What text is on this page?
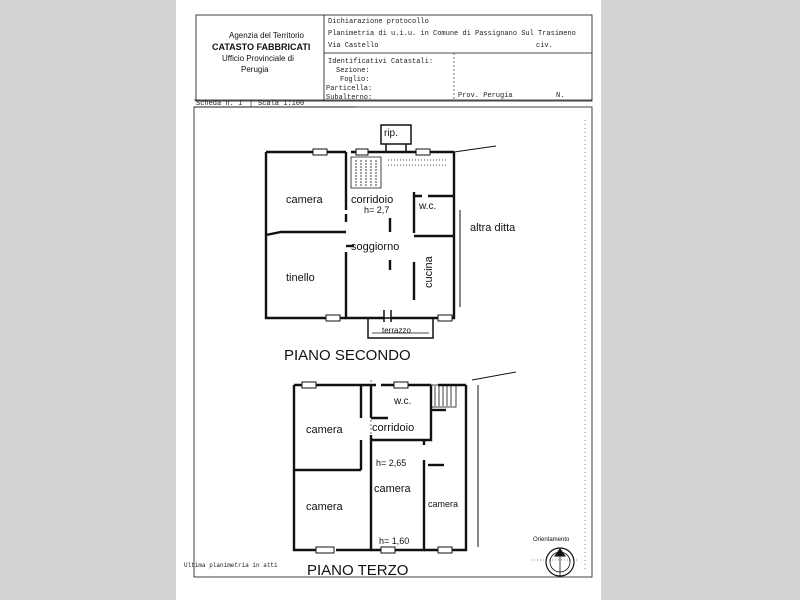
Agenzia del Territorio
CATASTO FABBRICATI
Ufficio Provinciale di
Perugia
Dichiarazione protocollo
Planimetria di u.i.u. in Comune di Passignano Sul Trasimeno
Via Castello	civ.
Identificativi Catastali:
Sezione:
Foglio:
Particella:
Subalterno:	Prov. Perugia	N.
Scheda n. 1 Scala 1:100
rip.
camera	corridoio
h= 2,7	w.c.
altra ditta
soggiorno
tinello	cucina
terrazzo
PIANO SECONDO
w.c.
camera	corridoio
h= 2,65
camera
camera	camera
h= 1,60
PIANO TERZO
Ultima planimetria in atti
Orientamento
